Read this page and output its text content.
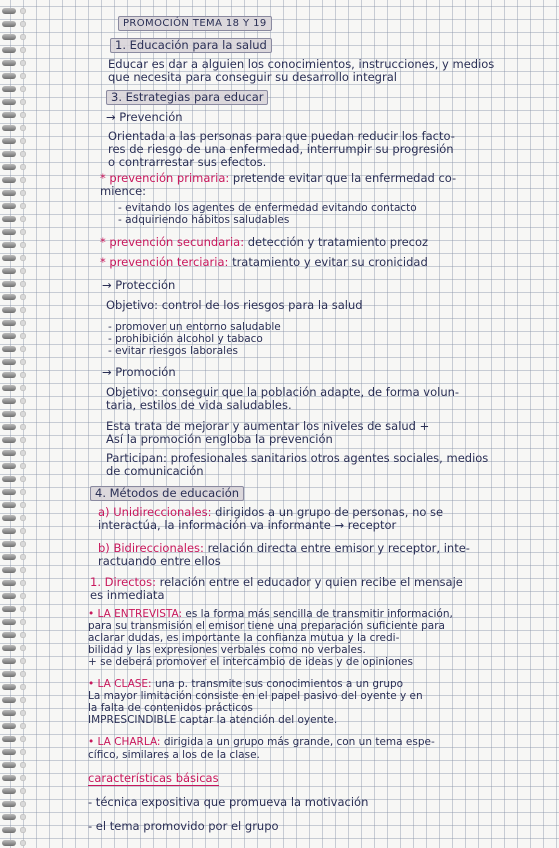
PROMOCIÓN TEMA 18 Y 19
1. Educación para la salud
Educar es dar a alguien los conocimientos, instrucciones, y medios
que necesita para conseguir su desarrollo integral
3. Estrategias para educar
→ Prevención
Orientada a las personas para que puedan reducir los facto-
res de riesgo de una enfermedad, interrumpir su progresión
o contrarrestar sus efectos.
* prevención primaria: pretende evitar que la enfermedad co-
mience:
- evitando los agentes de enfermedad evitando contacto
- adquiriendo hábitos saludables
* prevención secundaria: detección y tratamiento precoz
* prevención terciaria: tratamiento y evitar su cronicidad
→ Protección
Objetivo: control de los riesgos para la salud
- promover un entorno saludable
- prohibición alcohol y tabaco
- evitar riesgos laborales
→ Promoción
Objetivo: conseguir que la población adapte, de forma volun-
taria, estilos de vida saludables.
Esta trata de mejorar y aumentar los niveles de salud +
Así la promoción engloba la prevención
Participan: profesionales sanitarios otros agentes sociales, medios
de comunicación
4. Métodos de educación
a) Unidireccionales: dirigidos a un grupo de personas, no se
interactúa, la información va informante → receptor
b) Bidireccionales: relación directa entre emisor y receptor, inte-
ractuando entre ellos
1. Directos: relación entre el educador y quien recibe el mensaje
es inmediata
• LA ENTREVISTA: es la forma más sencilla de transmitir información,
para su transmisión el emisor tiene una preparación suficiente para
aclarar dudas, es importante la confianza mutua y la credi-
bilidad y las expresiones verbales como no verbales.
+ se deberá promover el intercambio de ideas y de opiniones
• LA CLASE: una p. transmite sus conocimientos a un grupo
La mayor limitación consiste en el papel pasivo del oyente y en
la falta de contenidos prácticos
IMPRESCINDIBLE captar la atención del oyente.
• LA CHARLA: dirigida a un grupo más grande, con un tema espe-
cífico, similares a los de la clase.
características básicas
- técnica expositiva que promueva la motivación
- el tema promovido por el grupo
